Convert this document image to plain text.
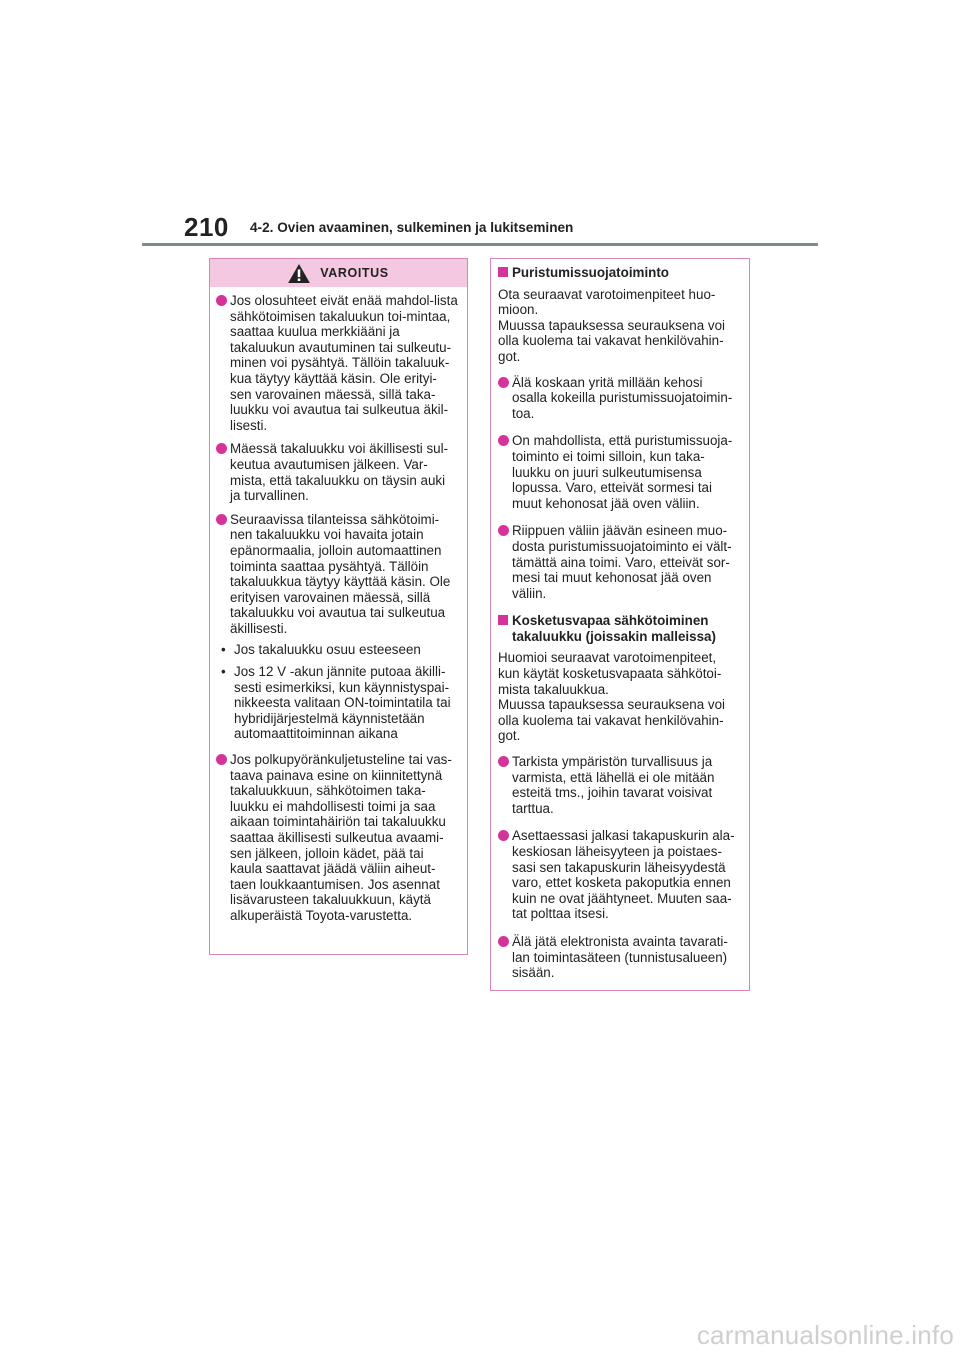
210 4-2. Ovien avaaminen, sulkeminen ja lukitseminen
VAROITUS
Jos olosuhteet eivät enää mahdol-lista sähkötoimisen takaluukun toi-mintaa, saattaa kuulua merkkiääni ja takaluukun avautuminen tai sulkeutu-minen voi pysähtyä. Tällöin takaluuk-kua täytyy käyttää käsin. Ole erityi-sen varovainen mäessä, sillä taka-luukku voi avautua tai sulkeutua äkil-lisesti.
Mäessä takaluukku voi äkillisesti sul-keutua avautumisen jälkeen. Var-mista, että takaluukku on täysin auki ja turvallinen.
Seuraavissa tilanteissa sähkötoimi-nen takaluukku voi havaita jotain epänormaalia, jolloin automaattinen toiminta saattaa pysähtyä. Tällöin takaluukkua täytyy käyttää käsin. Ole erityisen varovainen mäessä, sillä takaluukku voi avautua tai sulkeutua äkillisesti.
• Jos takaluukku osuu esteeseen
• Jos 12 V -akun jännite putoaa äkilli-sesti esimerkiksi, kun käynnistyspai-nikkeesta valitaan ON-toimintatila tai hybridijärjestelmä käynnistetään automaattitoiminnan aikana
Jos polkupyöränkuljetusteline tai vas-taava painava esine on kiinnitettynä takaluukkuun, sähkötoimen taka-luukku ei mahdollisesti toimi ja saa aikaan toimintahäiriön tai takaluukku saattaa äkillisesti sulkeutua avaami-sen jälkeen, jolloin kädet, pää tai kaula saattavat jäädä väliin aiheut-taen loukkaantumisen. Jos asennat lisävarusteen takaluukkuun, käytä alkuperäistä Toyota-varustetta.
Puristumissuojatoiminto
Ota seuraavat varotoimenpiteet huo-mioon.
Muussa tapauksessa seurauksena voi olla kuolema tai vakavat henkilövahin-got.
Älä koskaan yritä millään kehosi osalla kokeilla puristumissuojatoimin-toa.
On mahdollista, että puristumissuoja-toiminto ei toimi silloin, kun taka-luukku on juuri sulkeutumisensa lopussa. Varo, etteivät sormesi tai muut kehonosat jää oven väliin.
Riippuen väliin jäävän esineen muo-dosta puristumissuojatoiminto ei vält-tämättä aina toimi. Varo, etteivät sor-mesi tai muut kehonosat jää oven väliin.
Kosketusvapaa sähkötoiminen takaluukku (joissakin malleissa)
Huomioi seuraavat varotoimenpiteet, kun käytät kosketusvapaata sähkötoi-mista takaluukkua.
Muussa tapauksessa seurauksena voi olla kuolema tai vakavat henkilövahin-got.
Tarkista ympäristön turvallisuus ja varmista, että lähellä ei ole mitään esteitä tms., joihin tavarat voisivat tarttua.
Asettaessasi jalkasi takapuskurin ala-keskiosan läheisyyteen ja poistaes-sasi sen takapuskurin läheisyydestä varo, ettet kosketa pakoputkia ennen kuin ne ovat jäähtyneet. Muuten saa-tat polttaa itsesi.
Älä jätä elektronista avainta tavarati-lan toimintasäteen (tunnistusalueen) sisään.
carmanualsonline.info
